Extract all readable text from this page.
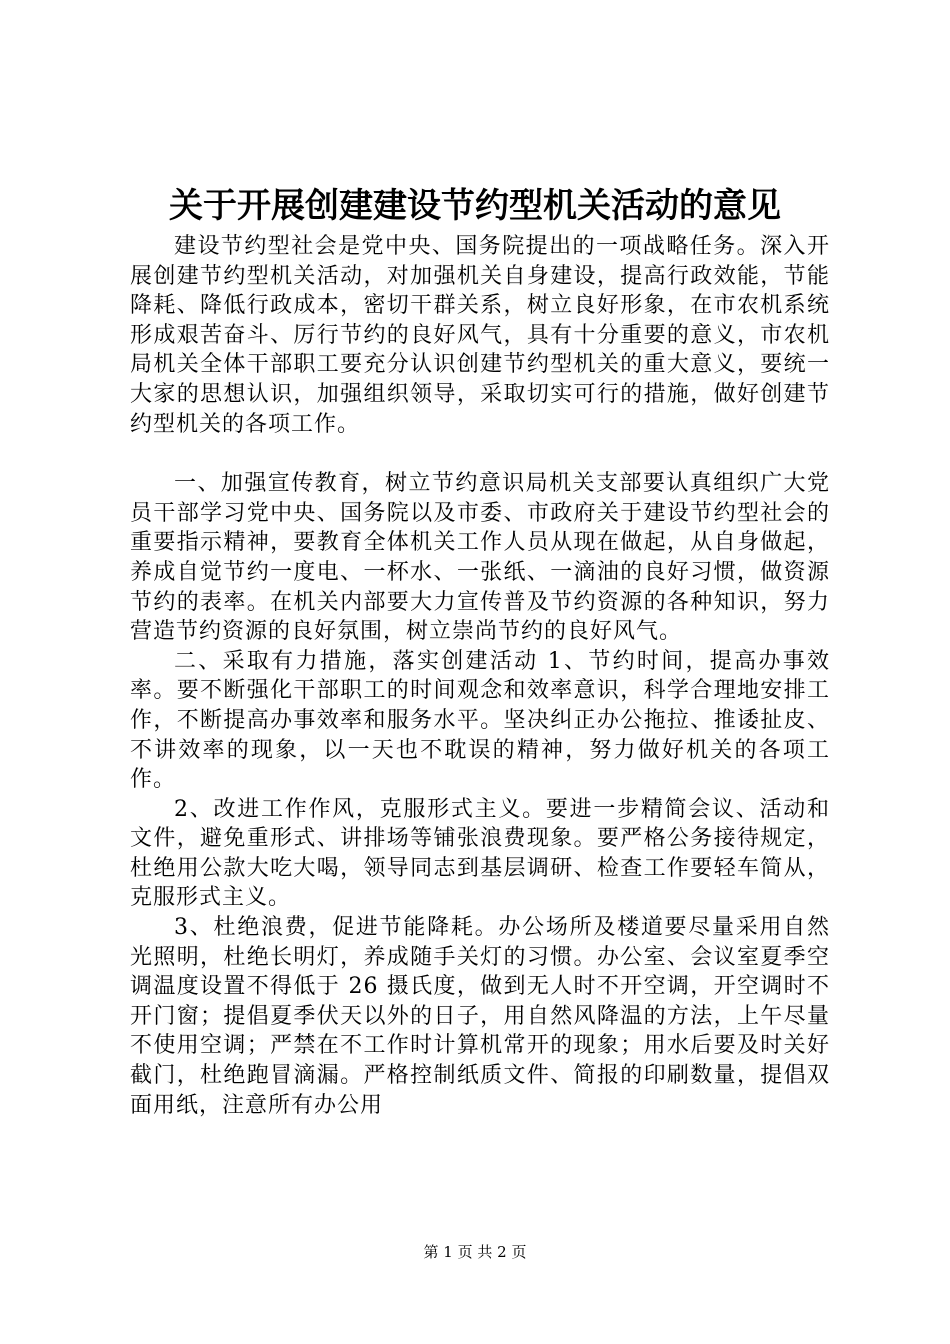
关于开展创建建设节约型机关活动的意见

建设节约型社会是党中央、国务院提出的一项战略任务。深入开展创建节约型机关活动，对加强机关自身建设，提高行政效能，节能降耗、降低行政成本，密切干群关系，树立良好形象，在市农机系统形成艰苦奋斗、厉行节约的良好风气，具有十分重要的意义，市农机局机关全体干部职工要充分认识创建节约型机关的重大意义，要统一大家的思想认识，加强组织领导，采取切实可行的措施，做好创建节约型机关的各项工作。

一、加强宣传教育，树立节约意识局机关支部要认真组织广大党员干部学习党中央、国务院以及市委、市政府关于建设节约型社会的重要指示精神，要教育全体机关工作人员从现在做起，从自身做起，养成自觉节约一度电、一杯水、一张纸、一滴油的良好习惯，做资源节约的表率。在机关内部要大力宣传普及节约资源的各种知识，努力营造节约资源的良好氛围，树立崇尚节约的良好风气。

二、采取有力措施，落实创建活动 1、节约时间，提高办事效率。要不断强化干部职工的时间观念和效率意识，科学合理地安排工作，不断提高办事效率和服务水平。坚决纠正办公拖拉、推诿扯皮、不讲效率的现象，以一天也不耽误的精神，努力做好机关的各项工作。

2、改进工作作风，克服形式主义。要进一步精简会议、活动和文件，避免重形式、讲排场等铺张浪费现象。要严格公务接待规定，杜绝用公款大吃大喝，领导同志到基层调研、检查工作要轻车简从，克服形式主义。

3、杜绝浪费，促进节能降耗。办公场所及楼道要尽量采用自然光照明，杜绝长明灯，养成随手关灯的习惯。办公室、会议室夏季空调温度设置不得低于 26 摄氏度，做到无人时不开空调，开空调时不开门窗；提倡夏季伏天以外的日子，用自然风降温的方法，上午尽量不使用空调；严禁在不工作时计算机常开的现象；用水后要及时关好截门，杜绝跑冒滴漏。严格控制纸质文件、简报的印刷数量，提倡双面用纸，注意所有办公用

第 1 页 共 2 页
